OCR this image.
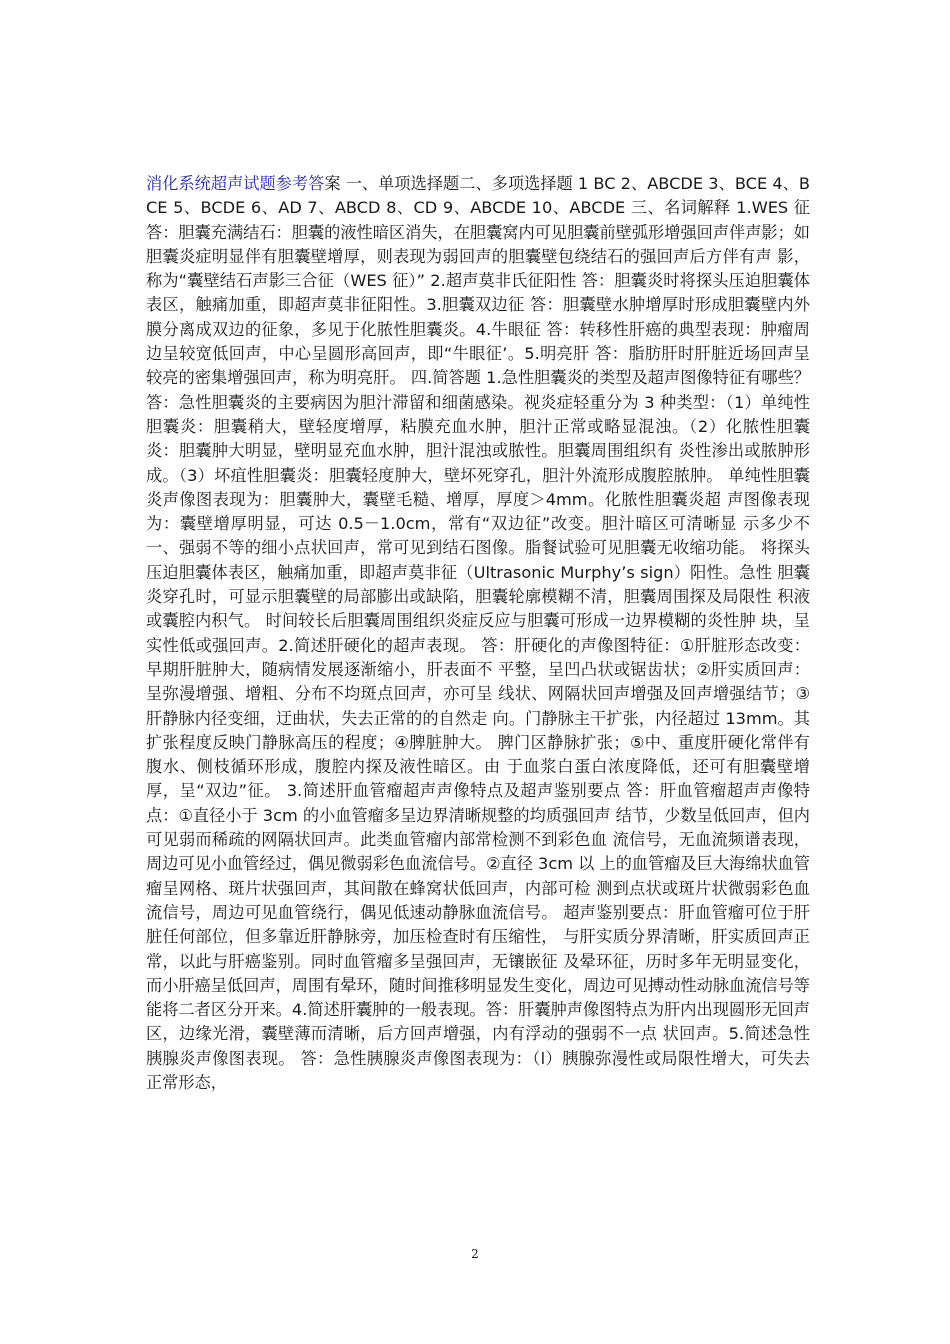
消化系统超声试题参考答案 一、单项选择题二、多项选择题 1 BC 2、ABCDE 3、BCE 4、BCE 5、BCDE 6、AD 7、ABCD 8、CD 9、ABCDE 10、ABCDE 三、名词解释 1.WES 征 答：胆囊充满结石：胆囊的液性暗区消失，在胆囊窝内可见胆囊前壁弧形增强回声伴声影；如胆囊炎症明显伴有胆囊壁增厚，则表现为弱回声的胆囊壁包绕结石的强回声后方伴有声 影，称为“囊壁结石声影三合征（WES 征）” 2.超声莫非氏征阳性 答：胆囊炎时将探头压迫胆囊体表区，触痛加重，即超声莫非征阳性。3.胆囊双边征 答：胆囊壁水肿增厚时形成胆囊壁内外膜分离成双边的征象，多见于化脓性胆囊炎。4.牛眼征 答：转移性肝癌的典型表现：肿瘤周边呈较宽低回声，中心呈圆形高回声，即“牛眼征’。5.明亮肝 答：脂肪肝时肝脏近场回声呈较亮的密集增强回声，称为明亮肝。 四.简答题 1.急性胆囊炎的类型及超声图像特征有哪些？ 答：急性胆囊炎的主要病因为胆汁滞留和细菌感染。视炎症轻重分为 3 种类型：（1）单纯性胆囊炎：胆囊稍大，壁轻度增厚，粘膜充血水肿，胆汁正常或略显混浊。（2）化脓性胆囊炎：胆囊肿大明显，壁明显充血水肿，胆汁混浊或脓性。胆囊周围组织有 炎性渗出或脓肿形成。（3）坏疽性胆囊炎：胆囊轻度肿大，壁坏死穿孔，胆汁外流形成腹腔脓肿。 单纯性胆囊炎声像图表现为：胆囊肿大，囊壁毛糙、增厚，厚度＞4mm。化脓性胆囊炎超 声图像表现为：囊壁增厚明显，可达 0.5－1.0cm，常有“双边征”改变。胆汁暗区可清晰显 示多少不一、强弱不等的细小点状回声，常可见到结石图像。脂餐试验可见胆囊无收缩功能。 将探头压迫胆囊体表区，触痛加重，即超声莫非征（Ultrasonic Murphy’s sign）阳性。急性 胆囊炎穿孔时，可显示胆囊壁的局部膨出或缺陷，胆囊轮廓模糊不清，胆囊周围探及局限性 积液或囊腔内积气。 时间较长后胆囊周围组织炎症反应与胆囊可形成一边界模糊的炎性肿 块，呈实性低或强回声。2.简述肝硬化的超声表现。 答：肝硬化的声像图特征：①肝脏形态改变：早期肝脏肿大，随病情发展逐渐缩小，肝表面不 平整，呈凹凸状或锯齿状；②肝实质回声：呈弥漫增强、增粗、分布不均斑点回声，亦可呈 线状、网隔状回声增强及回声增强结节；③肝静脉内径变细，迂曲状，失去正常的的自然走 向。门静脉主干扩张，内径超过 13mm。其扩张程度反映门静脉高压的程度；④脾脏肿大。 脾门区静脉扩张；⑤中、重度肝硬化常伴有腹水、侧枝循环形成，腹腔内探及液性暗区。由 于血浆白蛋白浓度降低，还可有胆囊壁增厚，呈“双边”征。 3.简述肝血管瘤超声声像特点及超声鉴别要点 答：肝血管瘤超声声像特点：①直径小于 3cm 的小血管瘤多呈边界清晰规整的均质强回声 结节，少数呈低回声，但内可见弱而稀疏的网隔状回声。此类血管瘤内部常检测不到彩色血 流信号，无血流频谱表现，周边可见小血管经过，偶见微弱彩色血流信号。②直径 3cm 以 上的血管瘤及巨大海绵状血管瘤呈网格、斑片状强回声，其间散在蜂窝状低回声，内部可检 测到点状或斑片状微弱彩色血流信号，周边可见血管绕行，偶见低速动静脉血流信号。 超声鉴别要点：肝血管瘤可位于肝脏任何部位，但多靠近肝静脉旁，加压检查时有压缩性， 与肝实质分界清晰，肝实质回声正常，以此与肝癌鉴别。同时血管瘤多呈强回声，无镶嵌征 及晕环征，历时多年无明显变化，而小肝癌呈低回声，周围有晕环，随时间推移明显发生变化，周边可见搏动性动脉血流信号等能将二者区分开来。4.简述肝囊肿的一般表现。答：肝囊肿声像图特点为肝内出现圆形无回声区，边缘光滑，囊壁薄而清晰，后方回声增强，内有浮动的强弱不一点 状回声。5.简述急性胰腺炎声像图表现。 答：急性胰腺炎声像图表现为：（l）胰腺弥漫性或局限性增大，可失去正常形态，

2
